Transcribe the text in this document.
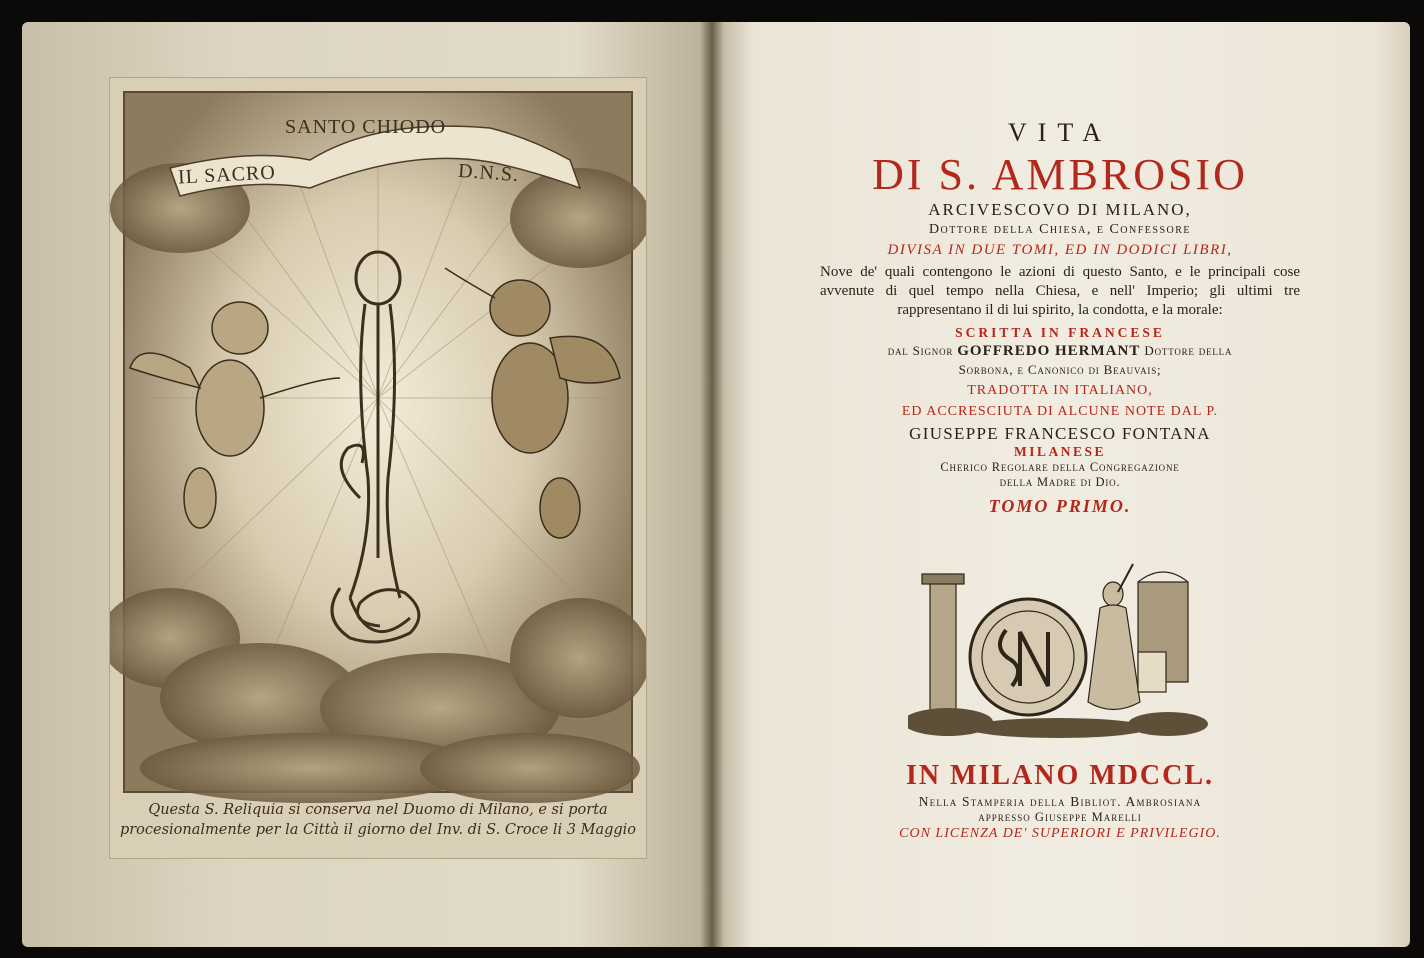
SANTO CHIODO
IL SACRO	D.N.S.
Questa S. Reliquia si conserva nel Duomo di Milano, e si porta
procesionalmente per la Città il giorno del Inv. di S. Croce li 3 Maggio
VITA
DI S. AMBROSIO
ARCIVESCOVO DI MILANO,
Dottore della Chiesa, e Confessore
DIVISA IN DUE TOMI, ED IN DODICI LIBRI,
Nove de' quali contengono le azioni di questo Santo, e le principali cose avvenute di quel tempo nella Chiesa, e nell' Imperio; gli ultimi tre rappresentano il di lui spirito, la condotta, e la morale:
SCRITTA IN FRANCESE
dal Signor GOFFREDO HERMANT Dottore della
Sorbona, e Canonico di Beauvais;
TRADOTTA IN ITALIANO,
ED ACCRESCIUTA DI ALCUNE NOTE DAL P.
GIUSEPPE FRANCESCO FONTANA
MILANESE
Cherico Regolare della Congregazione
della Madre di Dio.
TOMO PRIMO.
IN MILANO MDCCL.
Nella Stamperia della Bibliot. Ambrosiana
appresso Giuseppe Marelli
CON LICENZA DE' SUPERIORI E PRIVILEGIO.
